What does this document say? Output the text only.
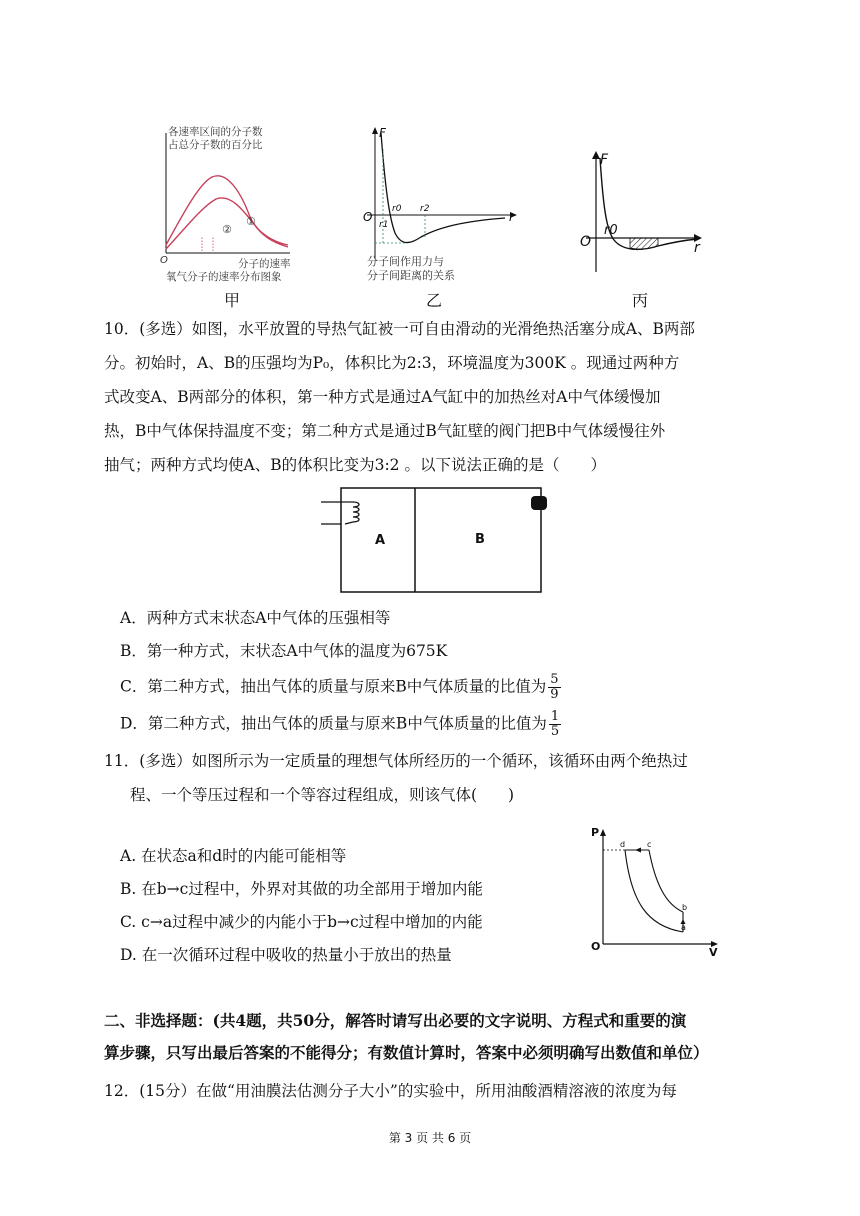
各速率区间的分子数
占总分子数的百分比
①
②
O	分子的速率
氧气分子的速率分布图象
甲
F
r
O
r0
r1
r2
分子间作用力与
分子间距离的关系
乙
F
r
O
r0
丙
10．(多选）如图，水平放置的导热气缸被一可自由滑动的光滑绝热活塞分成A、B两部
分。初始时，A、B的压强均为P₀，体积比为2:3，环境温度为300K 。现通过两种方
式改变A、B两部分的体积，第一种方式是通过A气缸中的加热丝对A中气体缓慢加
热，B中气体保持温度不变；第二种方式是通过B气缸壁的阀门把B中气体缓慢往外
抽气；两种方式均使A、B的体积比变为3:2 。以下说法正确的是（　　）
A	B
A．两种方式末状态A中气体的压强相等
B．第一种方式，末状态A中气体的温度为675K
C．第二种方式，抽出气体的质量与原来B中气体质量的比值为 $\frac{5}{9}$
D．第二种方式，抽出气体的质量与原来B中气体质量的比值为 $\frac{1}{5}$
11．(多选）如图所示为一定质量的理想气体所经历的一个循环，该循环由两个绝热过
程、一个等压过程和一个等容过程组成，则该气体(　　)
A. 在状态a和d时的内能可能相等
B. 在b→c过程中，外界对其做的功全部用于增加内能
C. c→a过程中减少的内能小于b→c过程中增加的内能
D. 在一次循环过程中吸收的热量小于放出的热量
P
V
O
d	c
b
a
二、非选择题：(共4题，共50分，解答时请写出必要的文字说明、方程式和重要的演
算步骤，只写出最后答案的不能得分；有数值计算时，答案中必须明确写出数值和单位）
12．(15分）在做“用油膜法估测分子大小”的实验中，所用油酸酒精溶液的浓度为每
第 3 页 共 6 页
